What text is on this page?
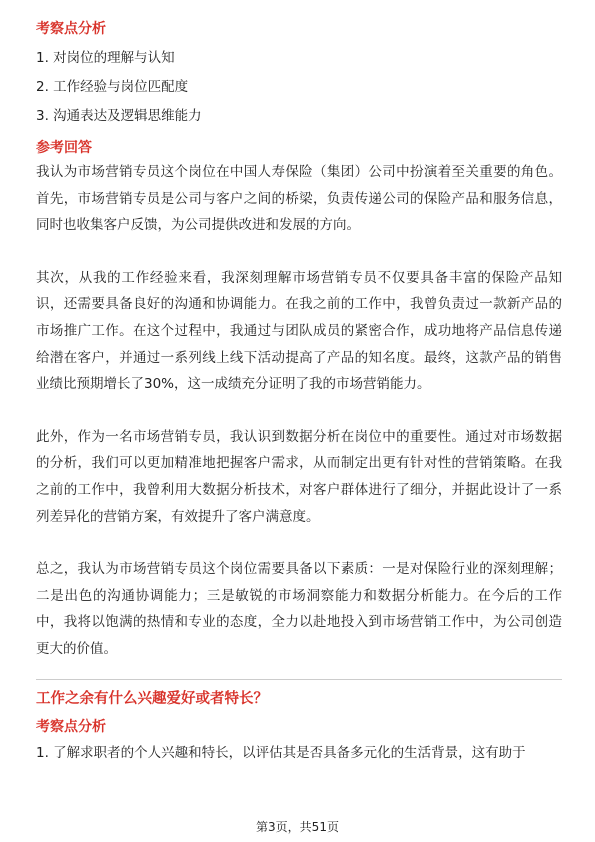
考察点分析

1. 对岗位的理解与认知
2. 工作经验与岗位匹配度
3. 沟通表达及逻辑思维能力

参考回答

我认为市场营销专员这个岗位在中国人寿保险（集团）公司中扮演着至关重要的角色。首先，市场营销专员是公司与客户之间的桥梁，负责传递公司的保险产品和服务信息，同时也收集客户反馈，为公司提供改进和发展的方向。

其次，从我的工作经验来看，我深刻理解市场营销专员不仅要具备丰富的保险产品知识，还需要具备良好的沟通和协调能力。在我之前的工作中，我曾负责过一款新产品的市场推广工作。在这个过程中，我通过与团队成员的紧密合作，成功地将产品信息传递给潜在客户，并通过一系列线上线下活动提高了产品的知名度。最终，这款产品的销售业绩比预期增长了30%，这一成绩充分证明了我的市场营销能力。

此外，作为一名市场营销专员，我认识到数据分析在岗位中的重要性。通过对市场数据的分析，我们可以更加精准地把握客户需求，从而制定出更有针对性的营销策略。在我之前的工作中，我曾利用大数据分析技术，对客户群体进行了细分，并据此设计了一系列差异化的营销方案，有效提升了客户满意度。

总之，我认为市场营销专员这个岗位需要具备以下素质：一是对保险行业的深刻理解；二是出色的沟通协调能力；三是敏锐的市场洞察能力和数据分析能力。在今后的工作中，我将以饱满的热情和专业的态度，全力以赴地投入到市场营销工作中，为公司创造更大的价值。

工作之余有什么兴趣爱好或者特长？

考察点分析

1. 了解求职者的个人兴趣和特长，以评估其是否具备多元化的生活背景，这有助于
第3页，共51页
